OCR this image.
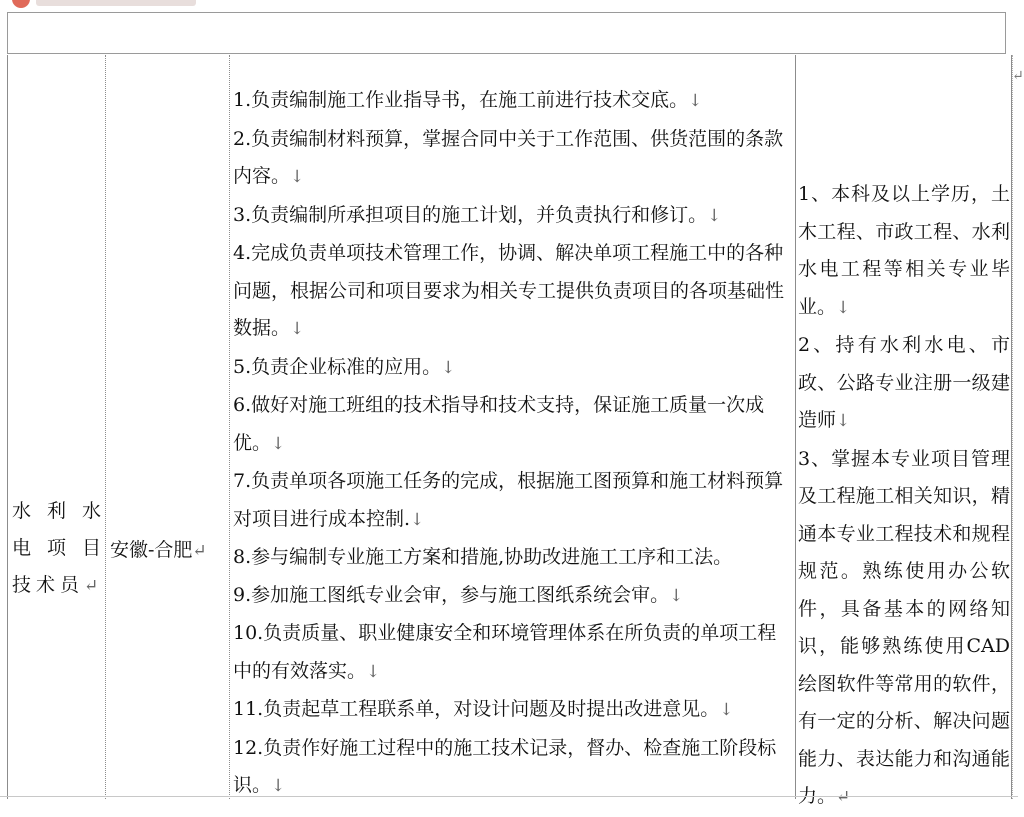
水利水电项目技术员↵
安徽-合肥↵
1.负责编制施工作业指导书，在施工前进行技术交底。↓
2.负责编制材料预算，掌握合同中关于工作范围、供货范围的条款内容。↓
3.负责编制所承担项目的施工计划，并负责执行和修订。↓
4.完成负责单项技术管理工作，协调、解决单项工程施工中的各种问题，根据公司和项目要求为相关专工提供负责项目的各项基础性数据。↓
5.负责企业标准的应用。↓
6.做好对施工班组的技术指导和技术支持，保证施工质量一次成优。↓
7.负责单项各项施工任务的完成，根据施工图预算和施工材料预算对项目进行成本控制.↓
8.参与编制专业施工方案和措施,协助改进施工工序和工法。
9.参加施工图纸专业会审，参与施工图纸系统会审。↓
10.负责质量、职业健康安全和环境管理体系在所负责的单项工程中的有效落实。↓
11.负责起草工程联系单，对设计问题及时提出改进意见。↓
12.负责作好施工过程中的施工技术记录，督办、检查施工阶段标识。↓
1、本科及以上学历，土木工程、市政工程、水利水电工程等相关专业毕业。↓
2、持有水利水电、市政、公路专业注册一级建造师↓
3、掌握本专业项目管理及工程施工相关知识，精通本专业工程技术和规程规范。熟练使用办公软件，具备基本的网络知识，能够熟练使用CAD绘图软件等常用的软件，有一定的分析、解决问题能力、表达能力和沟通能力。↵
↵
